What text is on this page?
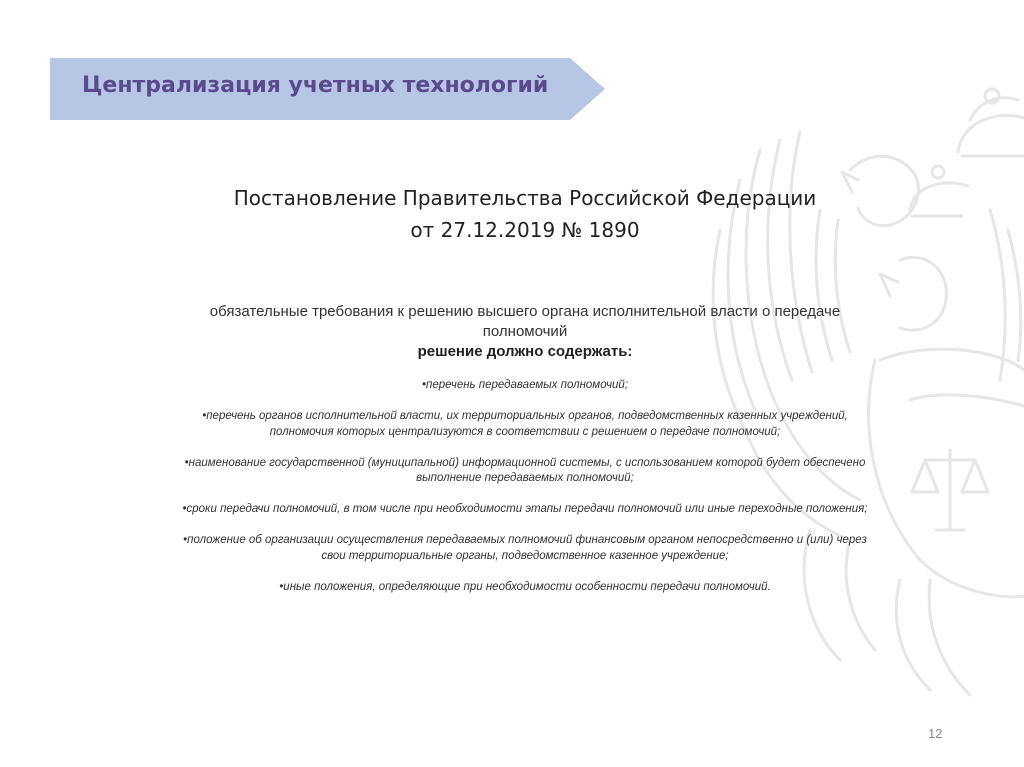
Централизация учетных технологий
Постановление Правительства Российской Федерации
от 27.12.2019 № 1890
обязательные требования к решению высшего органа исполнительной власти о передаче полномочий
решение должно содержать:
•перечень передаваемых полномочий;
•перечень органов исполнительной власти, их территориальных органов, подведомственных казенных учреждений, полномочия которых централизуются в соответствии с решением о передаче полномочий;
•наименование государственной (муниципальной) информационной системы, с использованием которой будет обеспечено выполнение передаваемых полномочий;
•сроки передачи полномочий, в том числе при необходимости этапы передачи полномочий или иные переходные положения;
•положение об организации осуществления передаваемых полномочий финансовым органом непосредственно и (или) через свои территориальные органы, подведомственное казенное учреждение;
•иные положения, определяющие при необходимости особенности передачи полномочий.
12
